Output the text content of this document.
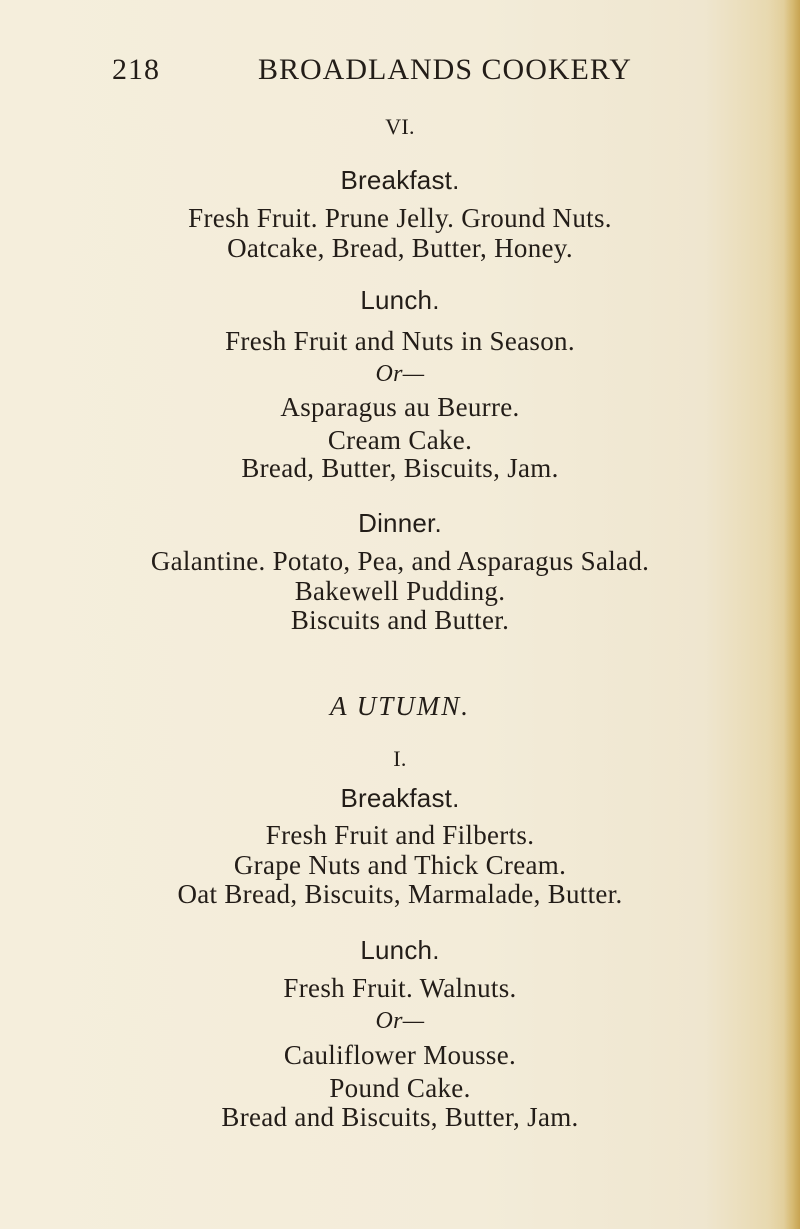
218	BROADLANDS COOKERY
VI.
Breakfast.
Fresh Fruit. Prune Jelly. Ground Nuts.
Oatcake, Bread, Butter, Honey.
Lunch.
Fresh Fruit and Nuts in Season.
Or—
Asparagus au Beurre.
Cream Cake.
Bread, Butter, Biscuits, Jam.
Dinner.
Galantine. Potato, Pea, and Asparagus Salad.
Bakewell Pudding.
Biscuits and Butter.
A UTUMN.
I.
Breakfast.
Fresh Fruit and Filberts.
Grape Nuts and Thick Cream.
Oat Bread, Biscuits, Marmalade, Butter.
Lunch.
Fresh Fruit. Walnuts.
Or—
Cauliflower Mousse.
Pound Cake.
Bread and Biscuits, Butter, Jam.
